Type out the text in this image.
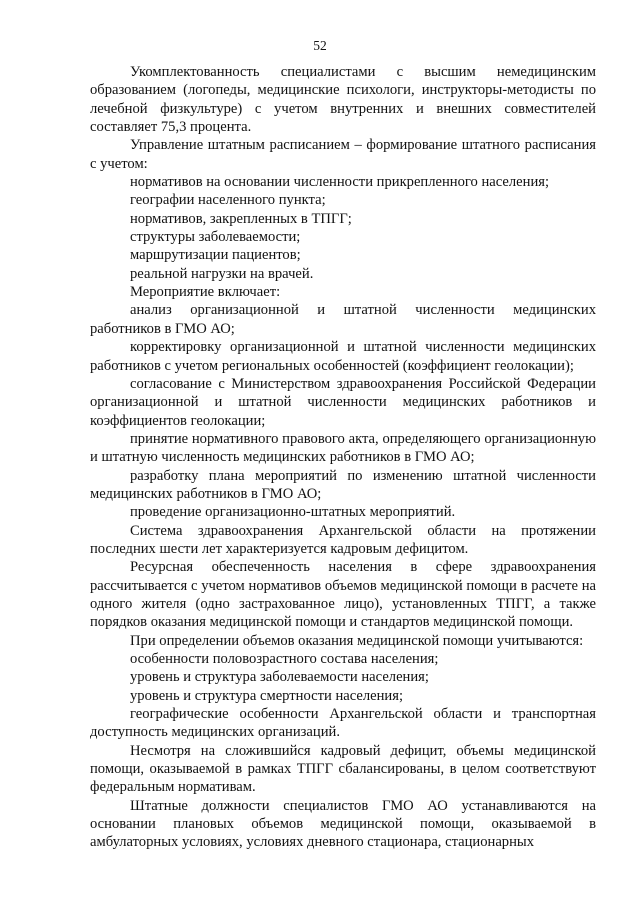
52

Укомплектованность специалистами с высшим немедицинским образованием (логопеды, медицинские психологи, инструкторы-методисты по лечебной физкультуре) с учетом внутренних и внешних совместителей составляет 75,3 процента.

Управление штатным расписанием – формирование штатного расписания с учетом:

нормативов на основании численности прикрепленного населения;

географии населенного пункта;

нормативов, закрепленных в ТПГГ;

структуры заболеваемости;

маршрутизации пациентов;

реальной нагрузки на врачей.

Мероприятие включает:

анализ организационной и штатной численности медицинских работников в ГМО АО;

корректировку организационной и штатной численности медицинских работников с учетом региональных особенностей (коэффициент геолокации);

согласование с Министерством здравоохранения Российской Федерации организационной и штатной численности медицинских работников и коэффициентов геолокации;

принятие нормативного правового акта, определяющего организационную и штатную численность медицинских работников в ГМО АО;

разработку плана мероприятий по изменению штатной численности медицинских работников в ГМО АО;

проведение организационно-штатных мероприятий.

Система здравоохранения Архангельской области на протяжении последних шести лет характеризуется кадровым дефицитом.

Ресурсная обеспеченность населения в сфере здравоохранения рассчитывается с учетом нормативов объемов медицинской помощи в расчете на одного жителя (одно застрахованное лицо), установленных ТПГГ, а также порядков оказания медицинской помощи и стандартов медицинской помощи.

При определении объемов оказания медицинской помощи учитываются:

особенности половозрастного состава населения;

уровень и структура заболеваемости населения;

уровень и структура смертности населения;

географические особенности Архангельской области и транспортная доступность медицинских организаций.

Несмотря на сложившийся кадровый дефицит, объемы медицинской помощи, оказываемой в рамках ТПГГ сбалансированы, в целом соответствуют федеральным нормативам.

Штатные должности специалистов ГМО АО устанавливаются на основании плановых объемов медицинской помощи, оказываемой в амбулаторных условиях, условиях дневного стационара, стационарных
